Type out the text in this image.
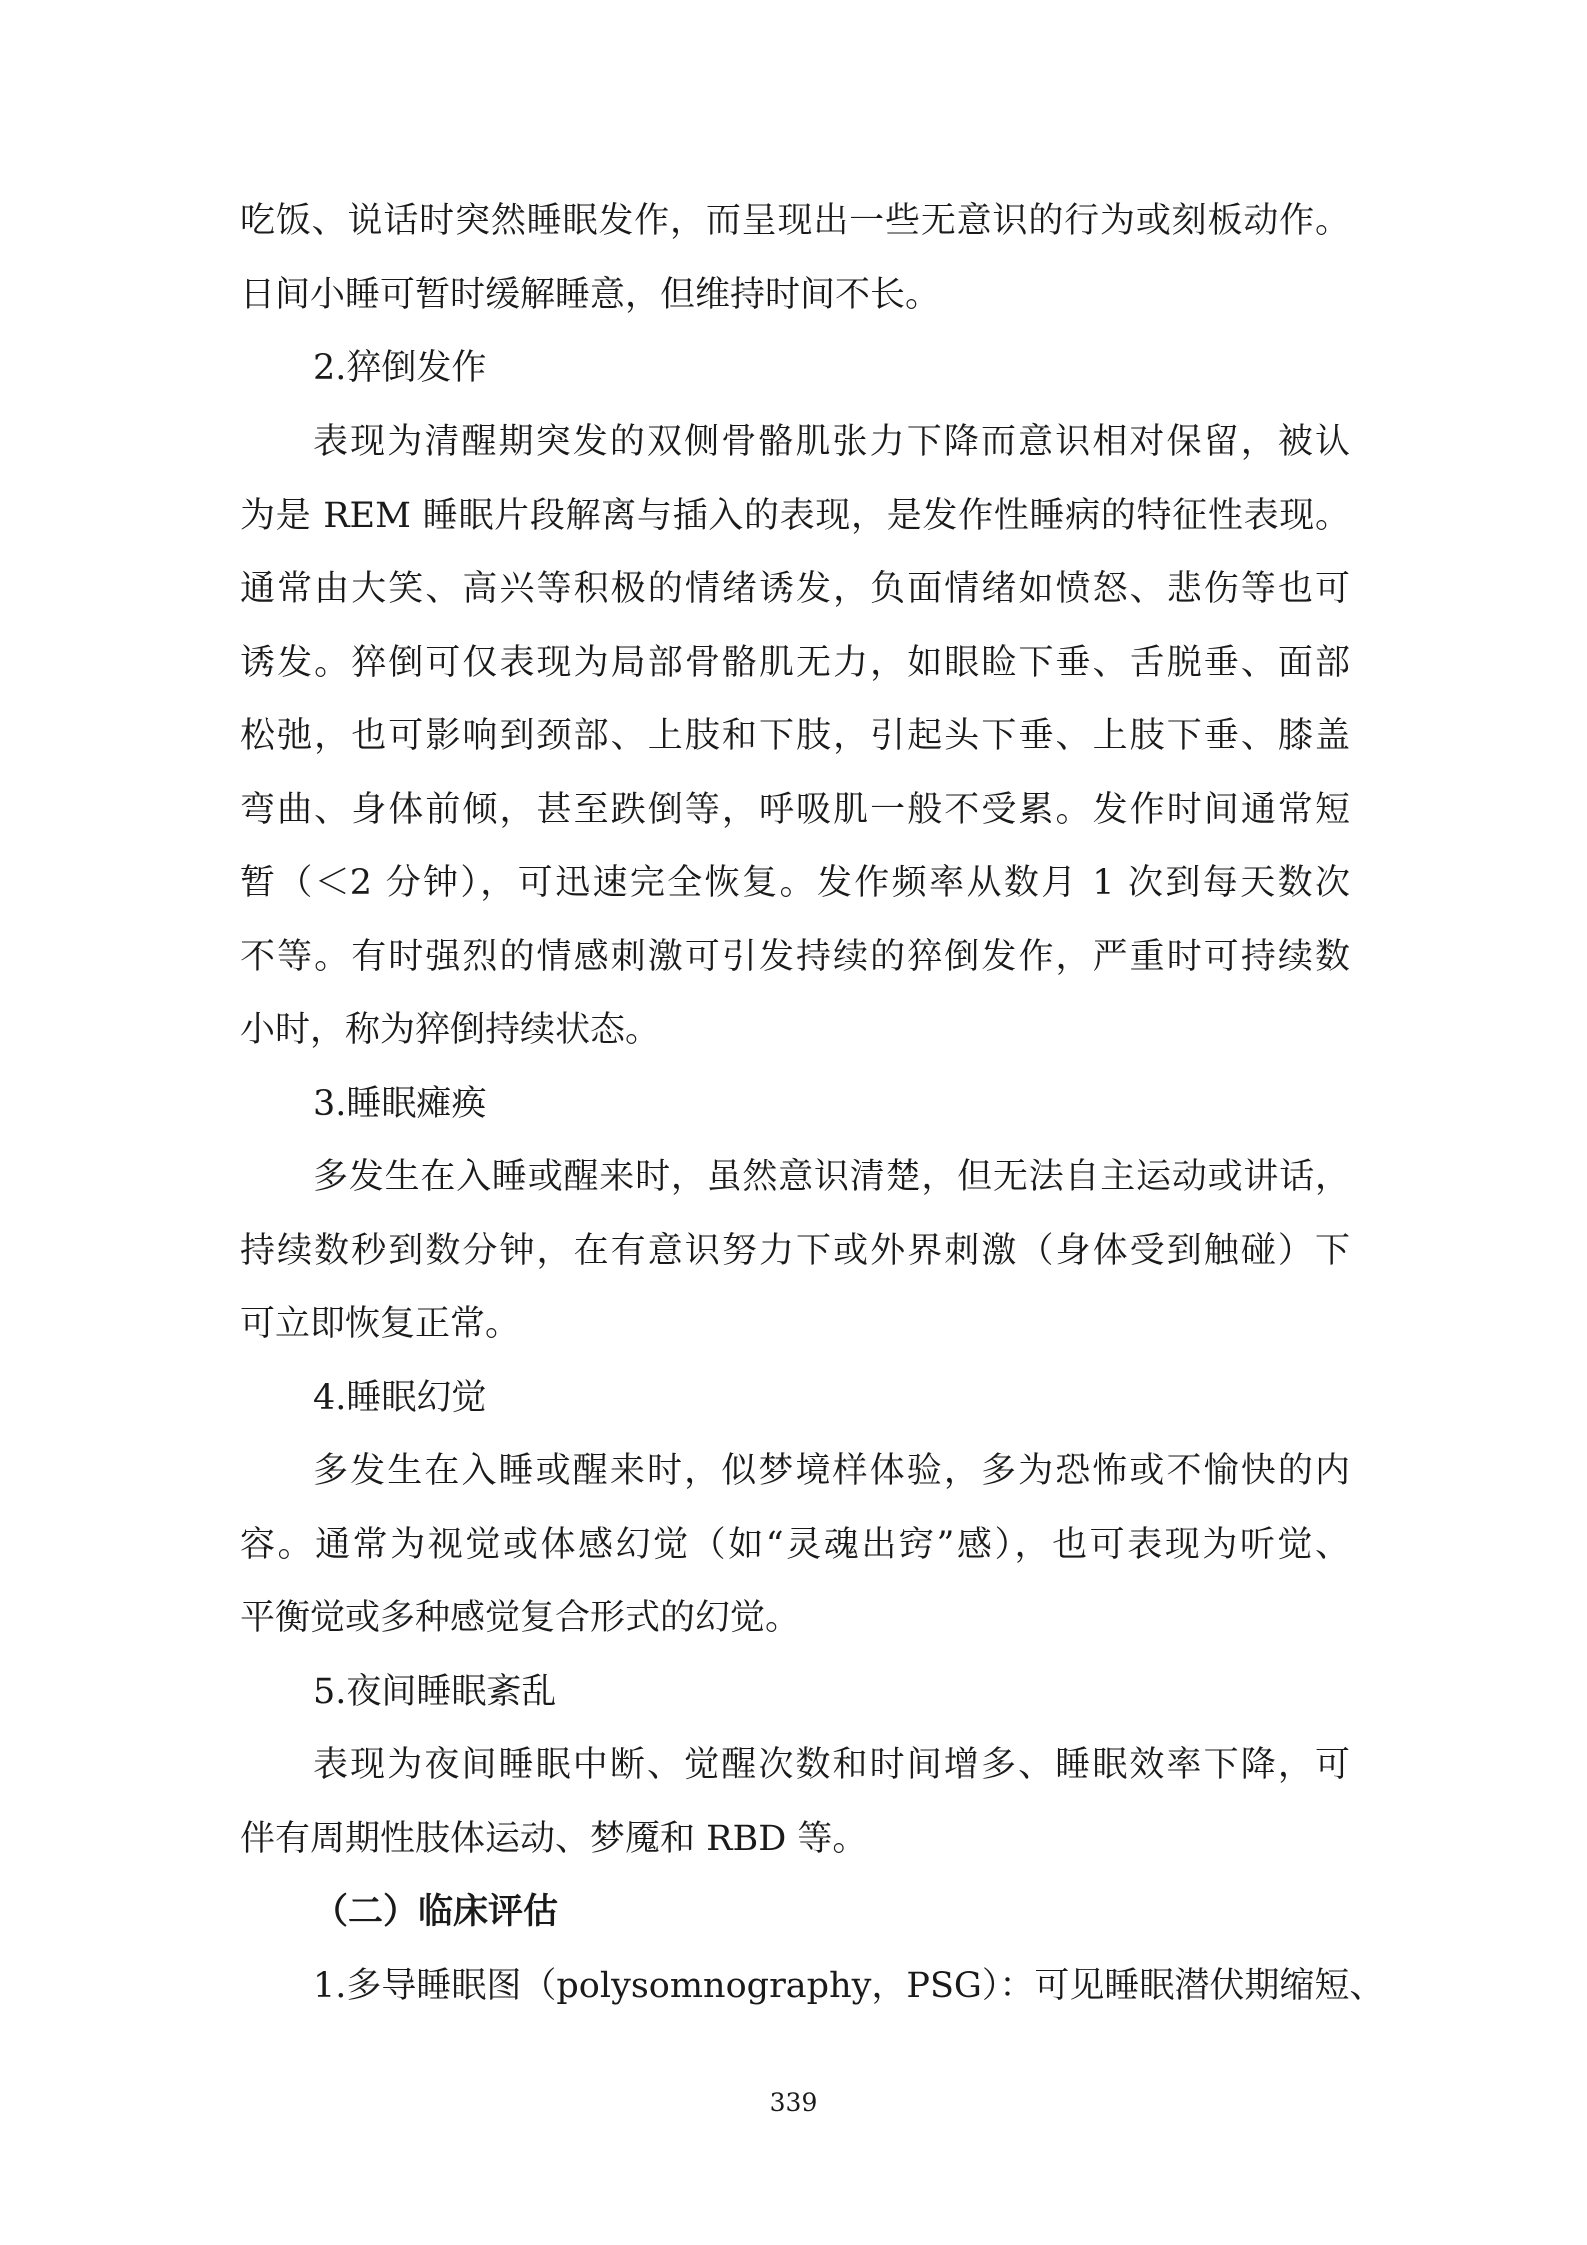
吃饭、说话时突然睡眠发作，而呈现出一些无意识的行为或刻板动作。
日间小睡可暂时缓解睡意，但维持时间不长。
2.猝倒发作
表现为清醒期突发的双侧骨骼肌张力下降而意识相对保留，被认
为是 REM 睡眠片段解离与插入的表现，是发作性睡病的特征性表现。
通常由大笑、高兴等积极的情绪诱发，负面情绪如愤怒、悲伤等也可
诱发。猝倒可仅表现为局部骨骼肌无力，如眼睑下垂、舌脱垂、面部
松弛，也可影响到颈部、上肢和下肢，引起头下垂、上肢下垂、膝盖
弯曲、身体前倾，甚至跌倒等，呼吸肌一般不受累。发作时间通常短
暂（＜2 分钟），可迅速完全恢复。发作频率从数月 1 次到每天数次
不等。有时强烈的情感刺激可引发持续的猝倒发作，严重时可持续数
小时，称为猝倒持续状态。
3.睡眠瘫痪
多发生在入睡或醒来时，虽然意识清楚，但无法自主运动或讲话，
持续数秒到数分钟，在有意识努力下或外界刺激（身体受到触碰）下
可立即恢复正常。
4.睡眠幻觉
多发生在入睡或醒来时，似梦境样体验，多为恐怖或不愉快的内
容。通常为视觉或体感幻觉（如“灵魂出窍”感），也可表现为听觉、
平衡觉或多种感觉复合形式的幻觉。
5.夜间睡眠紊乱
表现为夜间睡眠中断、觉醒次数和时间增多、睡眠效率下降，可
伴有周期性肢体运动、梦魇和 RBD 等。
（二）临床评估
1.多导睡眠图（polysomnography，PSG）：可见睡眠潜伏期缩短、
339
